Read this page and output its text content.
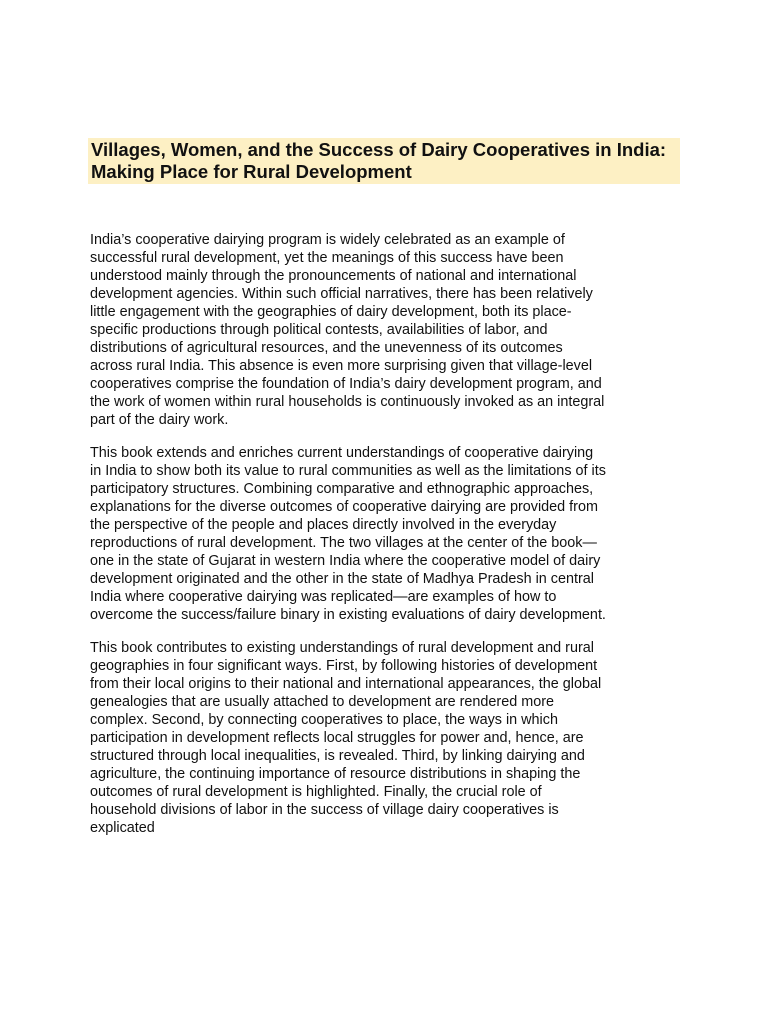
Villages, Women, and the Success of Dairy Cooperatives in India: Making Place for Rural Development

India’s cooperative dairying program is widely celebrated as an example of successful rural development, yet the meanings of this success have been understood mainly through the pronouncements of national and international development agencies. Within such official narratives, there has been relatively little engagement with the geographies of dairy development, both its place-specific productions through political contests, availabilities of labor, and distributions of agricultural resources, and the unevenness of its outcomes across rural India. This absence is even more surprising given that village-level cooperatives comprise the foundation of India’s dairy development program, and the work of women within rural households is continuously invoked as an integral part of the dairy work.

This book extends and enriches current understandings of cooperative dairying in India to show both its value to rural communities as well as the limitations of its participatory structures. Combining comparative and ethnographic approaches, explanations for the diverse outcomes of cooperative dairying are provided from the perspective of the people and places directly involved in the everyday reproductions of rural development. The two villages at the center of the book—one in the state of Gujarat in western India where the cooperative model of dairy development originated and the other in the state of Madhya Pradesh in central India where cooperative dairying was replicated—are examples of how to overcome the success/failure binary in existing evaluations of dairy development.

This book contributes to existing understandings of rural development and rural geographies in four significant ways. First, by following histories of development from their local origins to their national and international appearances, the global genealogies that are usually attached to development are rendered more complex. Second, by connecting cooperatives to place, the ways in which participation in development reflects local struggles for power and, hence, are structured through local inequalities, is revealed. Third, by linking dairying and agriculture, the continuing importance of resource distributions in shaping the outcomes of rural development is highlighted. Finally, the crucial role of household divisions of labor in the success of village dairy cooperatives is explicated
